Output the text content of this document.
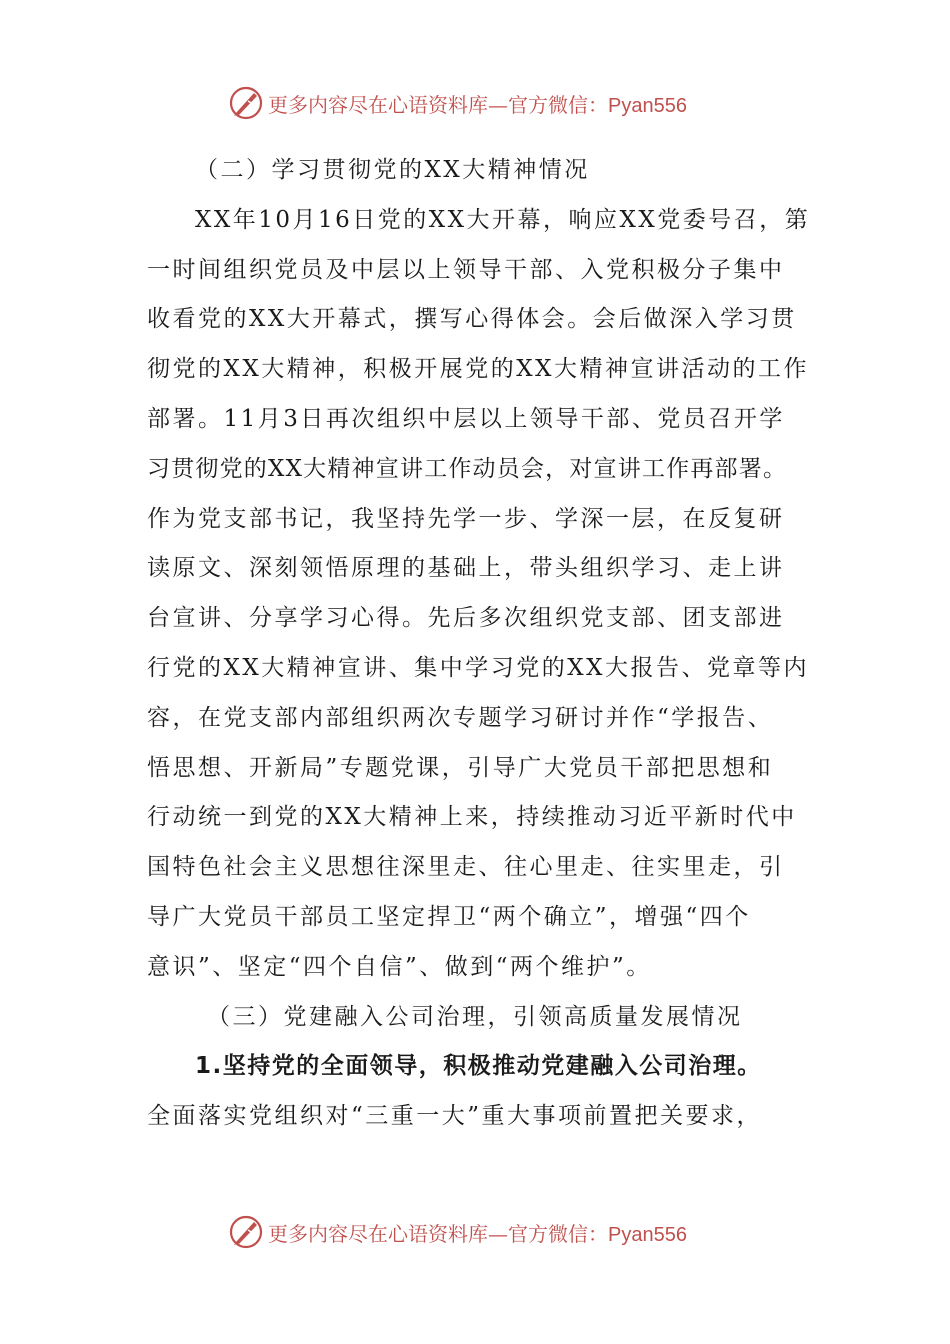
更多内容尽在心语资料库—官方微信：Pyan556
（二）学习贯彻党的XX大精神情况
XX年10月16日党的XX大开幕，响应XX党委号召，第
一时间组织党员及中层以上领导干部、入党积极分子集中
收看党的XX大开幕式，撰写心得体会。会后做深入学习贯
彻党的XX大精神，积极开展党的XX大精神宣讲活动的工作
部署。11月3日再次组织中层以上领导干部、党员召开学
习贯彻党的XX大精神宣讲工作动员会，对宣讲工作再部署。
作为党支部书记，我坚持先学一步、学深一层，在反复研
读原文、深刻领悟原理的基础上，带头组织学习、走上讲
台宣讲、分享学习心得。先后多次组织党支部、团支部进
行党的XX大精神宣讲、集中学习党的XX大报告、党章等内
容，在党支部内部组织两次专题学习研讨并作“学报告、
悟思想、开新局”专题党课，引导广大党员干部把思想和
行动统一到党的XX大精神上来，持续推动习近平新时代中
国特色社会主义思想往深里走、往心里走、往实里走，引
导广大党员干部员工坚定捍卫“两个确立”，增强“四个
意识”、坚定“四个自信”、做到“两个维护”。
（三）党建融入公司治理，引领高质量发展情况
1.坚持党的全面领导，积极推动党建融入公司治理。
全面落实党组织对“三重一大”重大事项前置把关要求，
更多内容尽在心语资料库—官方微信：Pyan556
